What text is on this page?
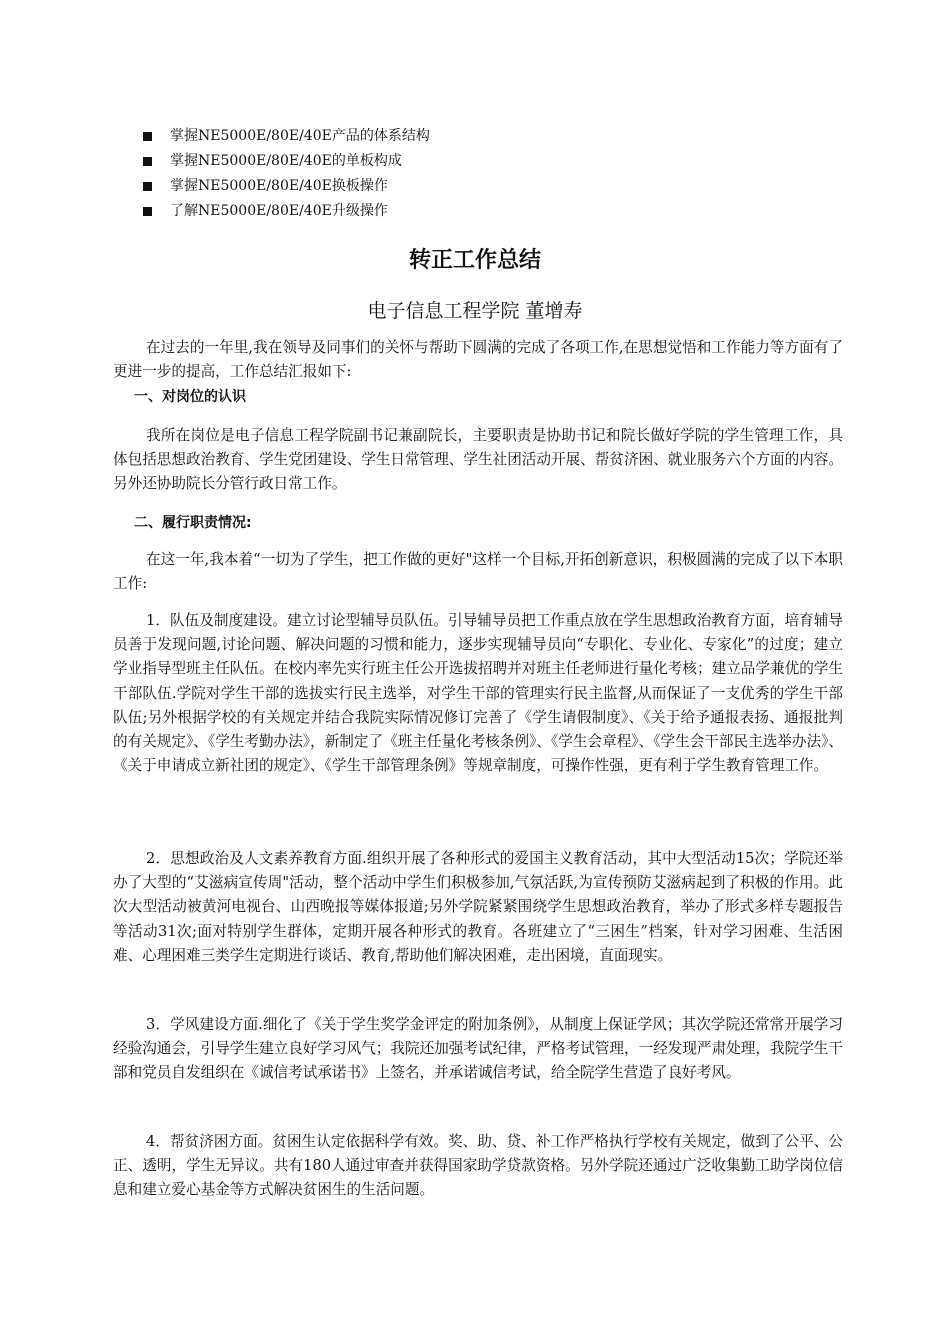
掌握NE5000E/80E/40E产品的体系结构
掌握NE5000E/80E/40E的单板构成
掌握NE5000E/80E/40E换板操作
了解NE5000E/80E/40E升级操作
转正工作总结
电子信息工程学院 董增寿

在过去的一年里,我在领导及同事们的关怀与帮助下圆满的完成了各项工作,在思想觉悟和工作能力等方面有了更进一步的提高，工作总结汇报如下:

一、对岗位的认识

我所在岗位是电子信息工程学院副书记兼副院长，主要职责是协助书记和院长做好学院的学生管理工作，具体包括思想政治教育、学生党团建设、学生日常管理、学生社团活动开展、帮贫济困、就业服务六个方面的内容。另外还协助院长分管行政日常工作。

二、履行职责情况:

在这一年,我本着“一切为了学生，把工作做的更好"这样一个目标,开拓创新意识，积极圆满的完成了以下本职工作:

1．队伍及制度建设。建立讨论型辅导员队伍。引导辅导员把工作重点放在学生思想政治教育方面，培育辅导员善于发现问题,讨论问题、解决问题的习惯和能力，逐步实现辅导员向“专职化、专业化、专家化”的过度；建立学业指导型班主任队伍。在校内率先实行班主任公开选拔招聘并对班主任老师进行量化考核；建立品学兼优的学生干部队伍.学院对学生干部的选拔实行民主选举，对学生干部的管理实行民主监督,从而保证了一支优秀的学生干部队伍;另外根据学校的有关规定并结合我院实际情况修订完善了《学生请假制度》、《关于给予通报表扬、通报批判的有关规定》、《学生考勤办法》，新制定了《班主任量化考核条例》、《学生会章程》、《学生会干部民主选举办法》、《关于申请成立新社团的规定》、《学生干部管理条例》等规章制度，可操作性强，更有利于学生教育管理工作。

2．思想政治及人文素养教育方面.组织开展了各种形式的爱国主义教育活动，其中大型活动15次；学院还举办了大型的“艾滋病宣传周"活动，整个活动中学生们积极参加,气氛活跃,为宣传预防艾滋病起到了积极的作用。此次大型活动被黄河电视台、山西晚报等媒体报道;另外学院紧紧围绕学生思想政治教育，举办了形式多样专题报告等活动31次;面对特别学生群体，定期开展各种形式的教育。各班建立了“三困生”档案，针对学习困难、生活困难、心理困难三类学生定期进行谈话、教育,帮助他们解决困难，走出困境，直面现实。

3．学风建设方面.细化了《关于学生奖学金评定的附加条例》，从制度上保证学风；其次学院还常常开展学习经验沟通会，引导学生建立良好学习风气；我院还加强考试纪律，严格考试管理，一经发现严肃处理，我院学生干部和党员自发组织在《诚信考试承诺书》上签名，并承诺诚信考试，给全院学生营造了良好考风。

4．帮贫济困方面。贫困生认定依据科学有效。奖、助、贷、补工作严格执行学校有关规定，做到了公平、公正、透明，学生无异议。共有180人通过审查并获得国家助学贷款资格。另外学院还通过广泛收集勤工助学岗位信息和建立爱心基金等方式解决贫困生的生活问题。
